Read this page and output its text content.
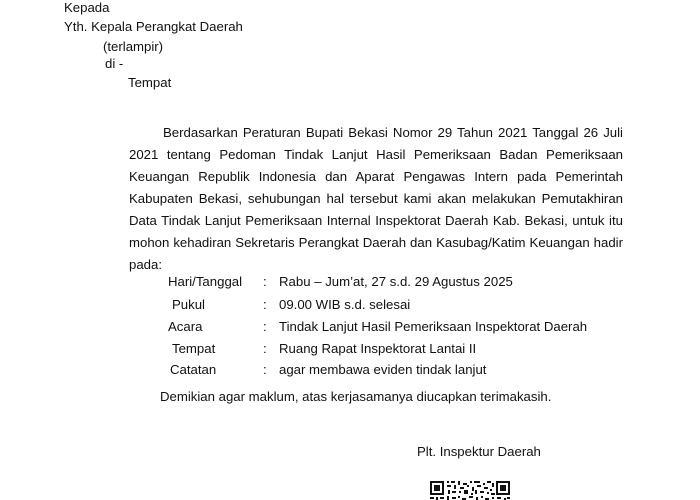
Kepada
Yth. Kepala Perangkat Daerah
(terlampir)
di -
Tempat
Berdasarkan Peraturan Bupati Bekasi Nomor 29 Tahun 2021 Tanggal 26 Juli 2021 tentang Pedoman Tindak Lanjut Hasil Pemeriksaan Badan Pemeriksaan Keuangan Republik Indonesia dan Aparat Pengawas Intern pada Pemerintah Kabupaten Bekasi, sehubungan hal tersebut kami akan melakukan Pemutakhiran Data Tindak Lanjut Pemeriksaan Internal Inspektorat Daerah Kab. Bekasi, untuk itu mohon kehadiran Sekretaris Perangkat Daerah dan Kasubag/Katim Keuangan hadir pada:
Hari/Tanggal : Rabu – Jum’at, 27 s.d. 29 Agustus 2025
Pukul	: 09.00 WIB s.d. selesai
Acara	: Tindak Lanjut Hasil Pemeriksaan Inspektorat Daerah
Tempat	: Ruang Rapat Inspektorat Lantai II
Catatan	: agar membawa eviden tindak lanjut
Demikian agar maklum, atas kerjasamanya diucapkan terimakasih.
Plt. Inspektur Daerah
